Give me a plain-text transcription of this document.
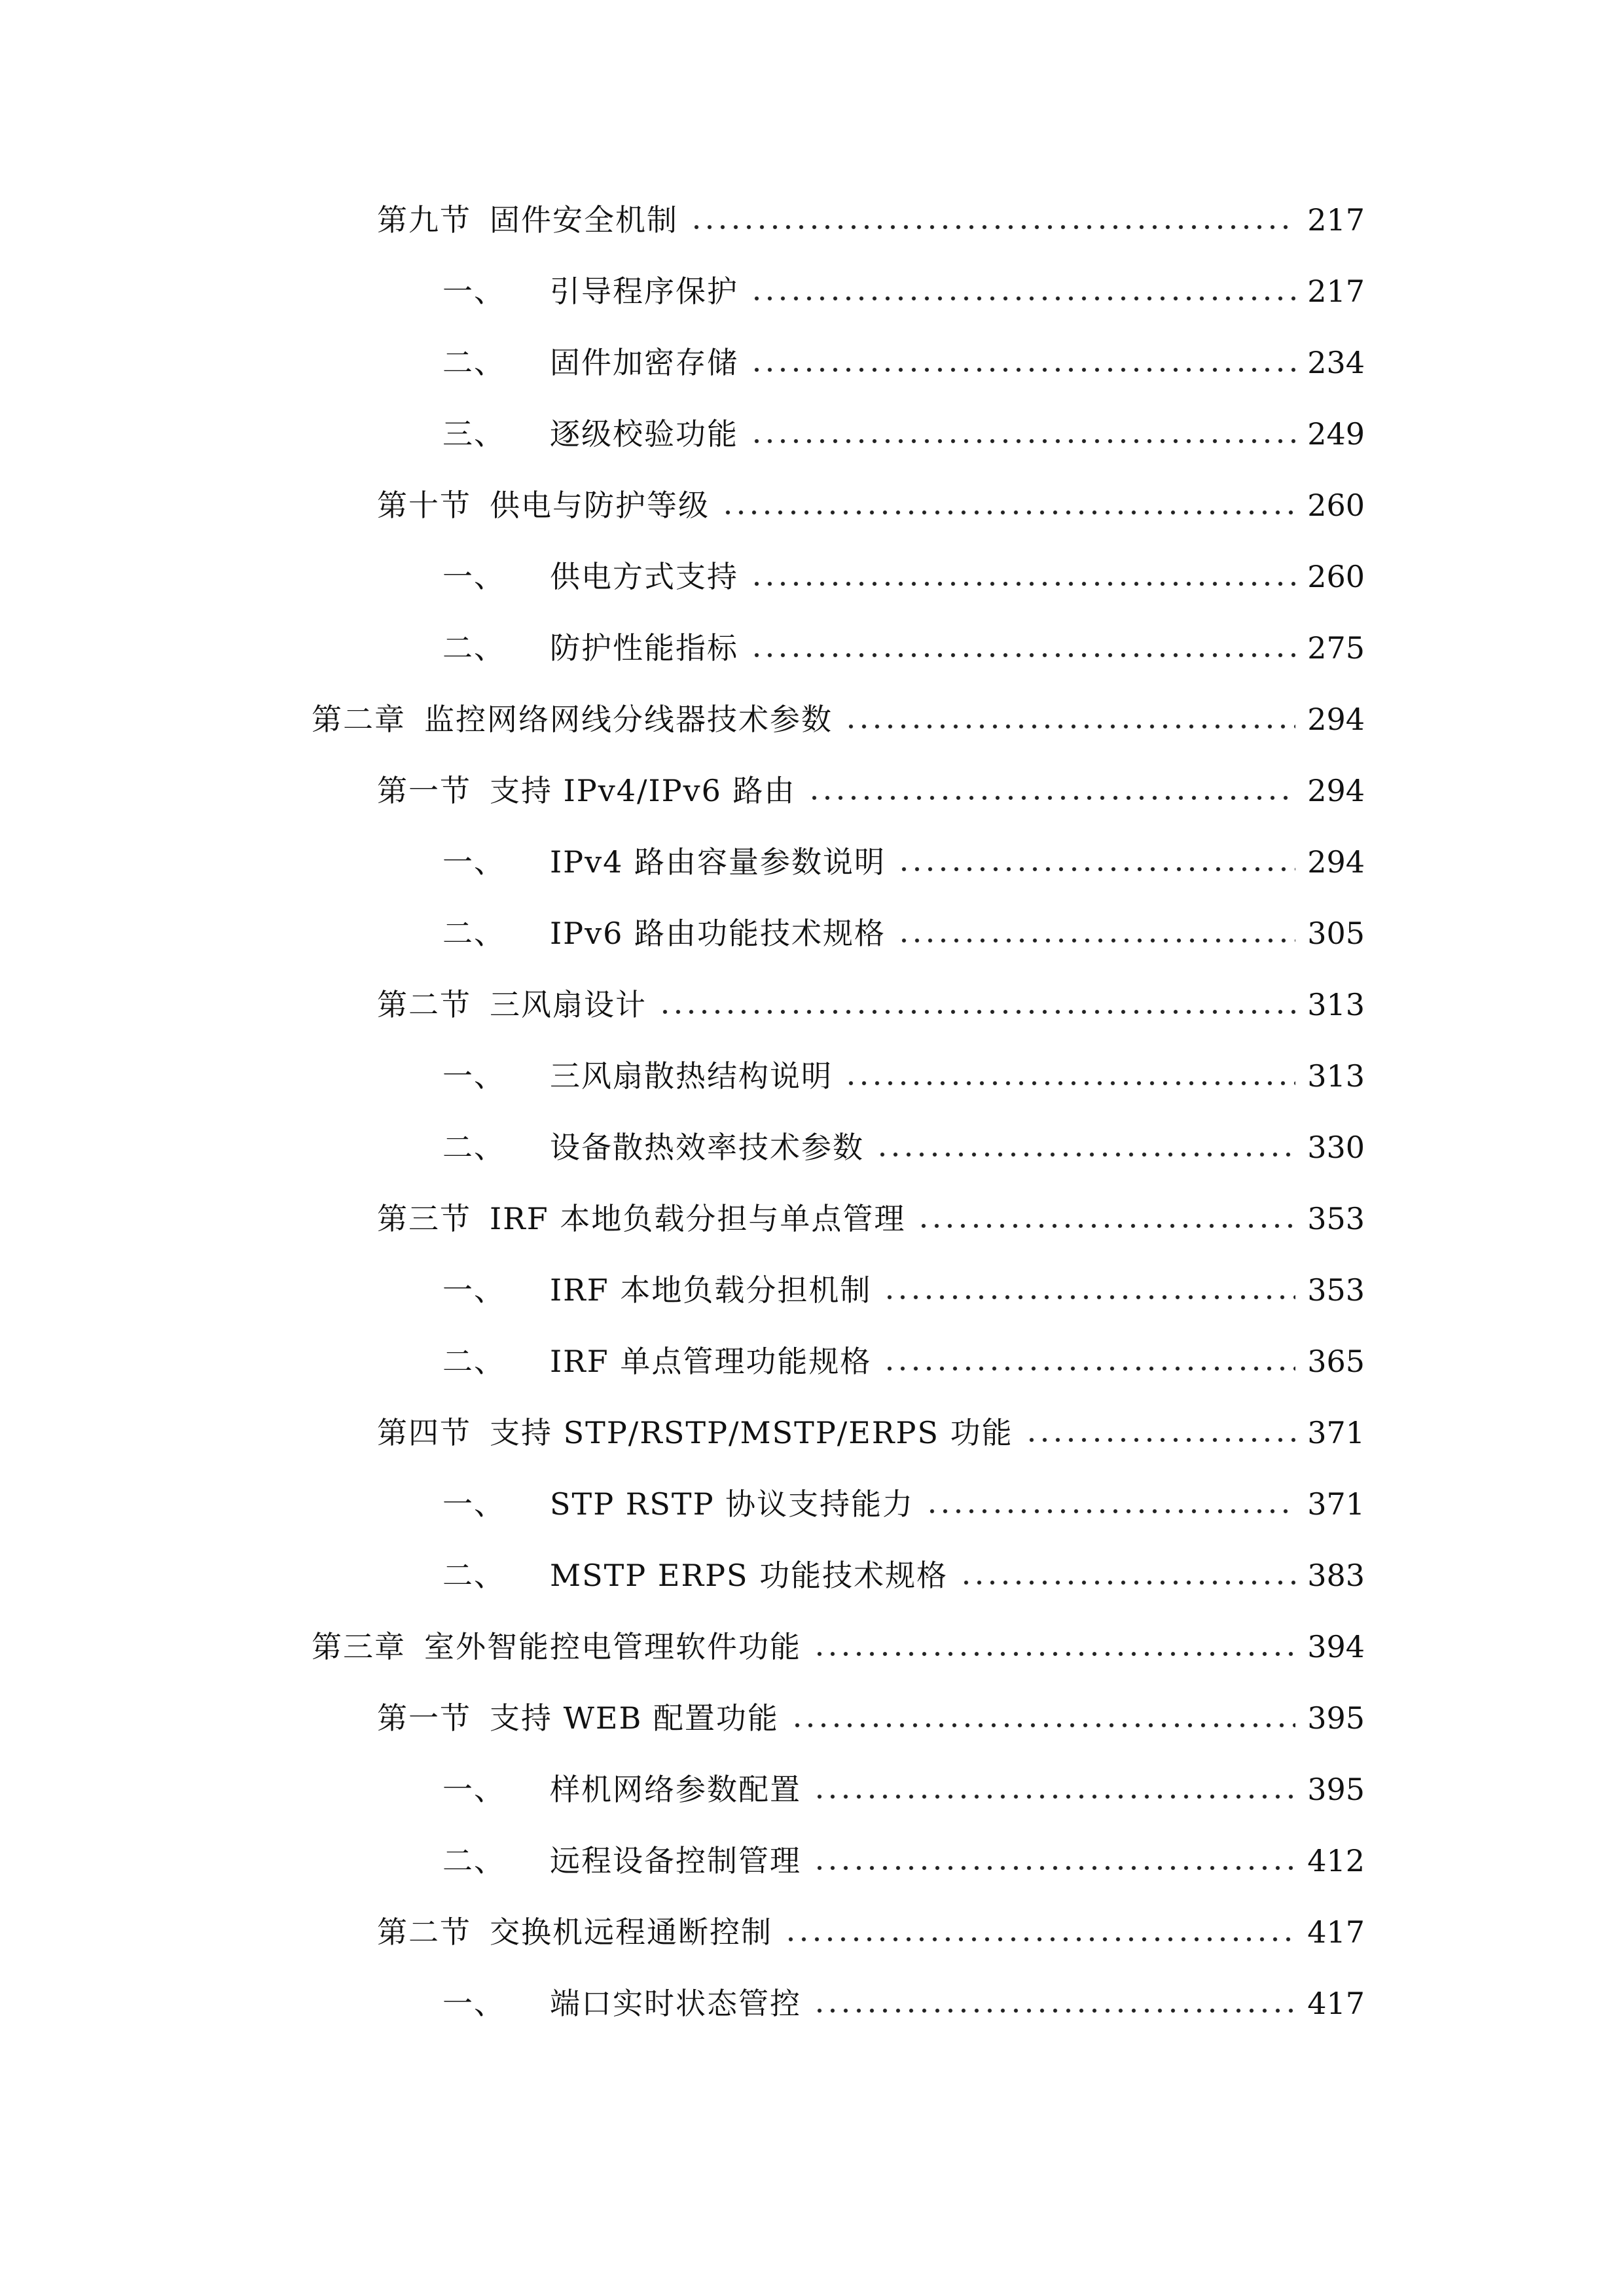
第九节 固件安全机制	217
一、 引导程序保护	217
二、 固件加密存储	234
三、 逐级校验功能	249
第十节 供电与防护等级	260
一、 供电方式支持	260
二、 防护性能指标	275
第二章 监控网络网线分线器技术参数	294
第一节 支持 IPv4/IPv6 路由	294
一、 IPv4 路由容量参数说明	294
二、 IPv6 路由功能技术规格	305
第二节 三风扇设计	313
一、 三风扇散热结构说明	313
二、 设备散热效率技术参数	330
第三节 IRF 本地负载分担与单点管理	353
一、 IRF 本地负载分担机制	353
二、 IRF 单点管理功能规格	365
第四节 支持 STP/RSTP/MSTP/ERPS 功能	371
一、 STP RSTP 协议支持能力	371
二、 MSTP ERPS 功能技术规格	383
第三章 室外智能控电管理软件功能	394
第一节 支持 WEB 配置功能	395
一、 样机网络参数配置	395
二、 远程设备控制管理	412
第二节 交换机远程通断控制	417
一、 端口实时状态管控	417
